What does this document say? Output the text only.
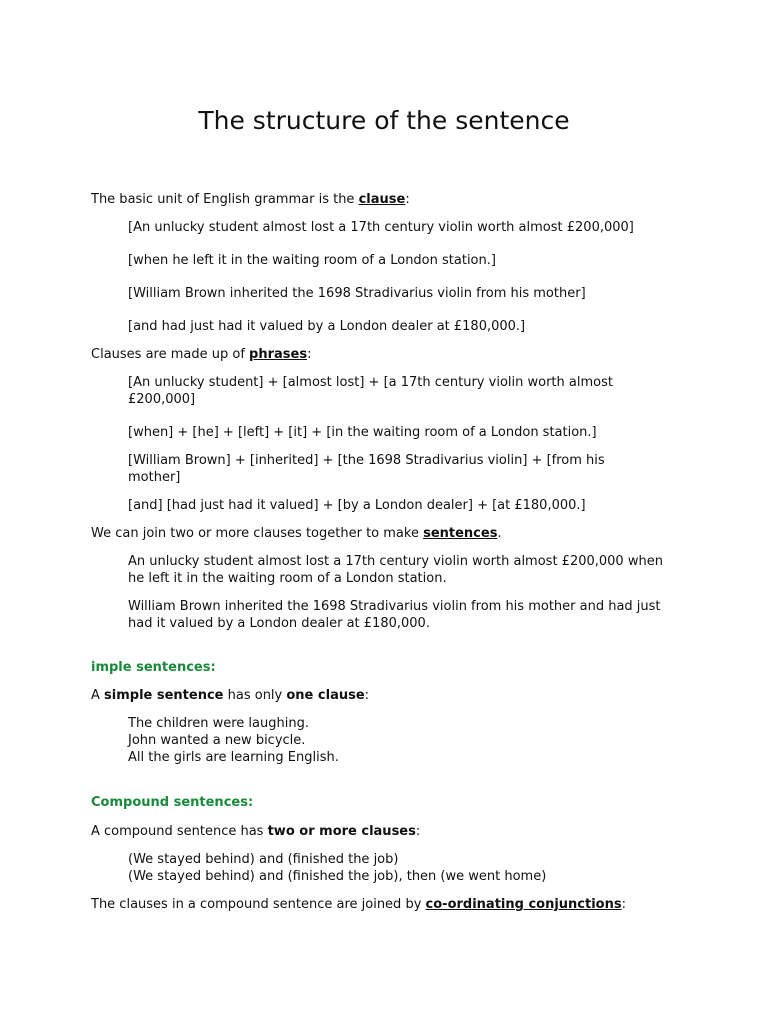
The structure of the sentence
The basic unit of English grammar is the clause:
[An unlucky student almost lost a 17th century violin worth almost £200,000]
[when he left it in the waiting room of a London station.]
[William Brown inherited the 1698 Stradivarius violin from his mother]
[and had just had it valued by a London dealer at £180,000.]
Clauses are made up of phrases:
[An unlucky student] + [almost lost] + [a 17th century violin worth almost £200,000]
[when] + [he] + [left] + [it] + [in the waiting room of a London station.]
[William Brown] + [inherited] + [the 1698 Stradivarius violin] + [from his mother]
[and] [had just had it valued] + [by a London dealer] + [at £180,000.]
We can join two or more clauses together to make sentences.
An unlucky student almost lost a 17th century violin worth almost £200,000 when he left it in the waiting room of a London station.
William Brown inherited the 1698 Stradivarius violin from his mother and had just had it valued by a London dealer at £180,000.
imple sentences:
A simple sentence has only one clause:
The children were laughing.
John wanted a new bicycle.
All the girls are learning English.
Compound sentences:
A compound sentence has two or more clauses:
(We stayed behind) and (finished the job)
(We stayed behind) and (finished the job), then (we went home)
The clauses in a compound sentence are joined by co-ordinating conjunctions:
